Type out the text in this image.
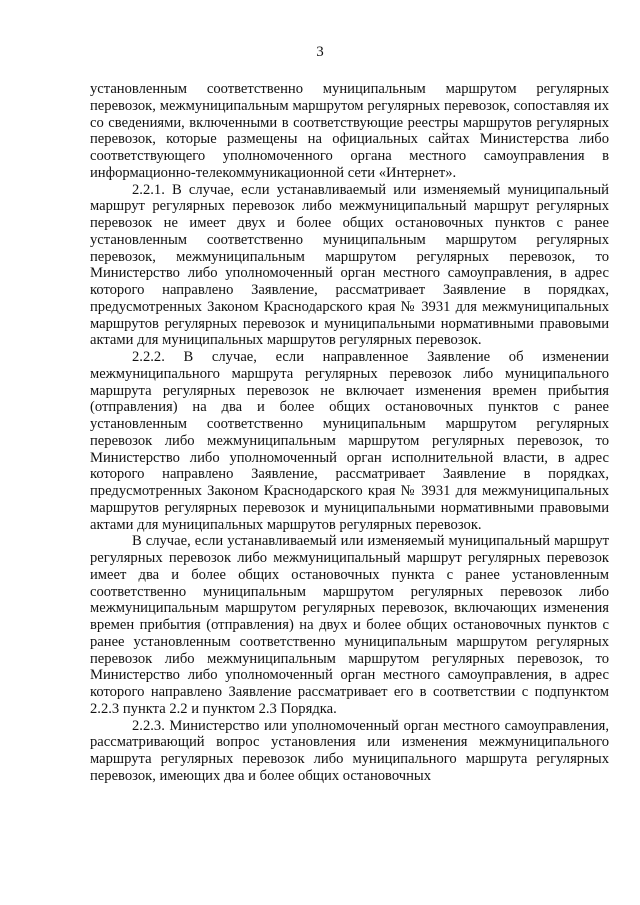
3

установленным соответственно муниципальным маршрутом регулярных перевозок, межмуниципальным маршрутом регулярных перевозок, сопоставляя их со сведениями, включенными в соответствующие реестры маршрутов регулярных перевозок, которые размещены на официальных сайтах Министерства либо соответствующего уполномоченного органа местного самоуправления в информационно-телекоммуникационной сети «Интернет».

2.2.1. В случае, если устанавливаемый или изменяемый муниципальный маршрут регулярных перевозок либо межмуниципальный маршрут регулярных перевозок не имеет двух и более общих остановочных пунктов с ранее установленным соответственно муниципальным маршрутом регулярных перевозок, межмуниципальным маршрутом регулярных перевозок, то Министерство либо уполномоченный орган местного самоуправления, в адрес которого направлено Заявление, рассматривает Заявление в порядках, предусмотренных Законом Краснодарского края № 3931 для межмуниципальных маршрутов регулярных перевозок и муниципальными нормативными правовыми актами для муниципальных маршрутов регулярных перевозок.

2.2.2. В случае, если направленное Заявление об изменении межмуниципального маршрута регулярных перевозок либо муниципального маршрута регулярных перевозок не включает изменения времен прибытия (отправления) на два и более общих остановочных пунктов с ранее установленным соответственно муниципальным маршрутом регулярных перевозок либо межмуниципальным маршрутом регулярных перевозок, то Министерство либо уполномоченный орган исполнительной власти, в адрес которого направлено Заявление, рассматривает Заявление в порядках, предусмотренных Законом Краснодарского края № 3931 для межмуниципальных маршрутов регулярных перевозок и муниципальными нормативными правовыми актами для муниципальных маршрутов регулярных перевозок.

В случае, если устанавливаемый или изменяемый муниципальный маршрут регулярных перевозок либо межмуниципальный маршрут регулярных перевозок имеет два и более общих остановочных пункта с ранее установленным соответственно муниципальным маршрутом регулярных перевозок либо межмуниципальным маршрутом регулярных перевозок, включающих изменения времен прибытия (отправления) на двух и более общих остановочных пунктов с ранее установленным соответственно муниципальным маршрутом регулярных перевозок либо межмуниципальным маршрутом регулярных перевозок, то Министерство либо уполномоченный орган местного самоуправления, в адрес которого направлено Заявление рассматривает его в соответствии с подпунктом 2.2.3 пункта 2.2 и пунктом 2.3 Порядка.

2.2.3. Министерство или уполномоченный орган местного самоуправления, рассматривающий вопрос установления или изменения межмуниципального маршрута регулярных перевозок либо муниципального маршрута регулярных перевозок, имеющих два и более общих остановочных
